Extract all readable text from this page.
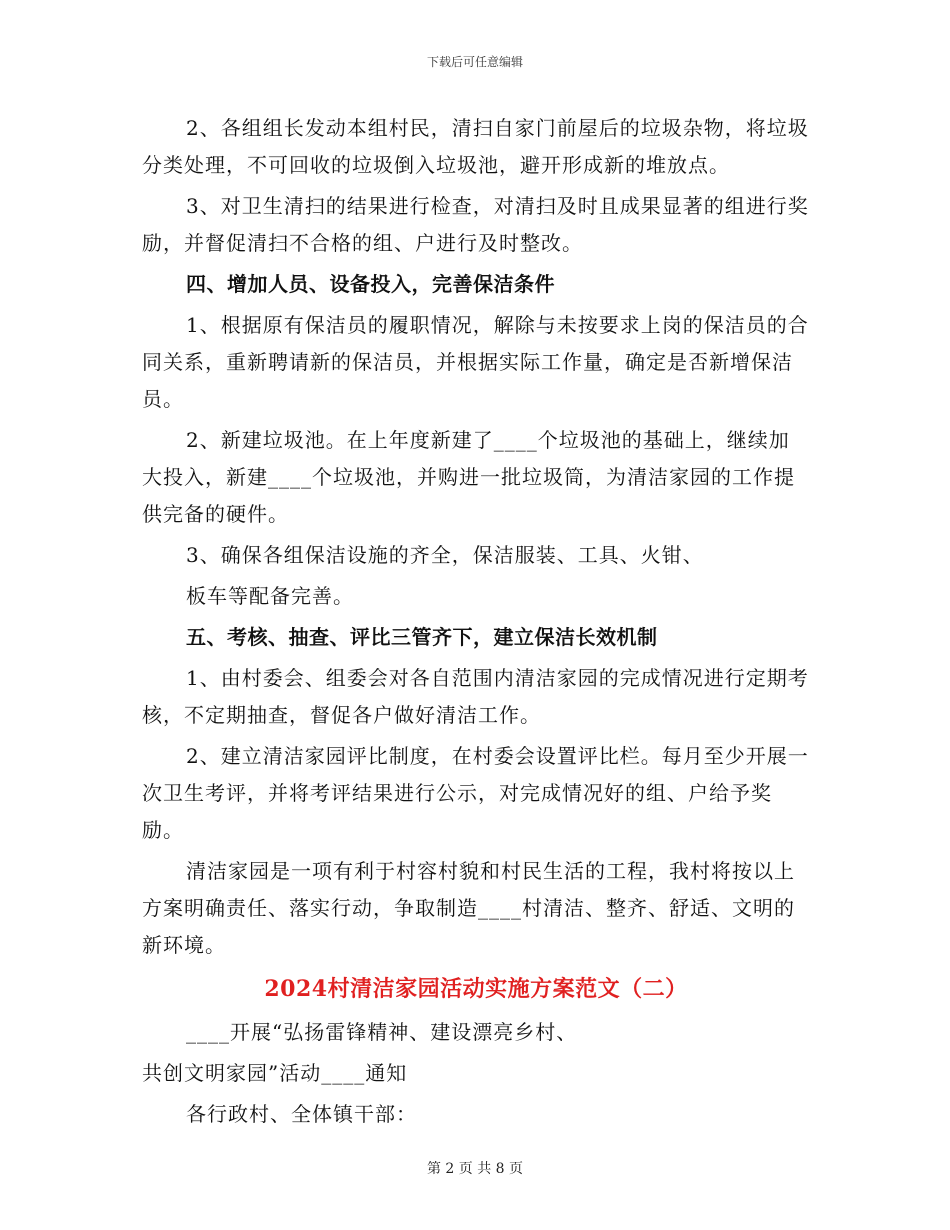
下载后可任意编辑

2、各组组长发动本组村民，清扫自家门前屋后的垃圾杂物，将垃圾分类处理，不可回收的垃圾倒入垃圾池，避开形成新的堆放点。

3、对卫生清扫的结果进行检查，对清扫及时且成果显著的组进行奖励，并督促清扫不合格的组、户进行及时整改。

四、增加人员、设备投入，完善保洁条件

1、根据原有保洁员的履职情况，解除与未按要求上岗的保洁员的合同关系，重新聘请新的保洁员，并根据实际工作量，确定是否新增保洁员。

2、新建垃圾池。在上年度新建了____个垃圾池的基础上，继续加大投入，新建____个垃圾池，并购进一批垃圾筒，为清洁家园的工作提供完备的硬件。

3、确保各组保洁设施的齐全，保洁服装、工具、火钳、

板车等配备完善。

五、考核、抽查、评比三管齐下，建立保洁长效机制

1、由村委会、组委会对各自范围内清洁家园的完成情况进行定期考核，不定期抽查，督促各户做好清洁工作。

2、建立清洁家园评比制度，在村委会设置评比栏。每月至少开展一次卫生考评，并将考评结果进行公示，对完成情况好的组、户给予奖励。

清洁家园是一项有利于村容村貌和村民生活的工程，我村将按以上方案明确责任、落实行动，争取制造____村清洁、整齐、舒适、文明的新环境。

2024村清洁家园活动实施方案范文（二）

____开展“弘扬雷锋精神、建设漂亮乡村、

共创文明家园”活动____通知

各行政村、全体镇干部：

第 2 页 共 8 页
